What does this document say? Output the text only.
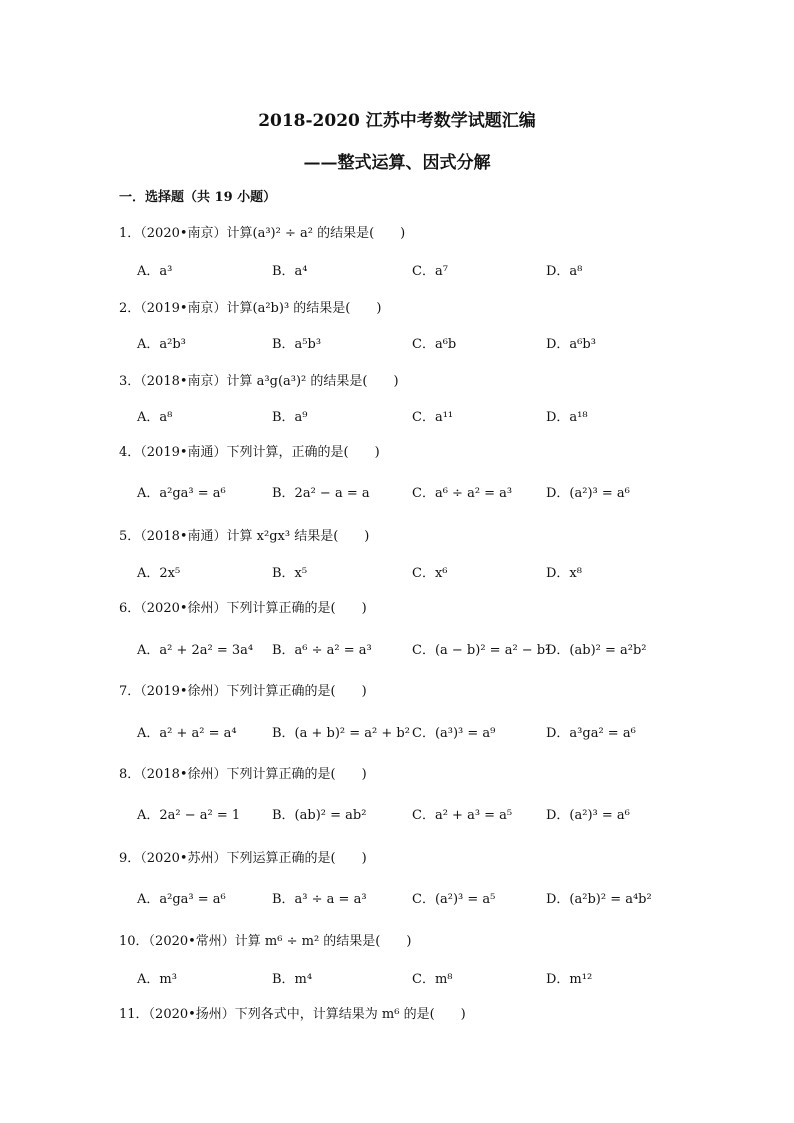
2018-2020 江苏中考数学试题汇编
——整式运算、因式分解
一．选择题（共 19 小题）
1．（2020•南京）计算(a³)² ÷ a² 的结果是(　　)
A．a³	B．a⁴	C．a⁷	D．a⁸
2．（2019•南京）计算(a²b)³ 的结果是(　　)
A．a²b³	B．a⁵b³	C．a⁶b	D．a⁶b³
3．（2018•南京）计算 a³g(a³)² 的结果是(　　)
A．a⁸	B．a⁹	C．a¹¹	D．a¹⁸
4．（2019•南通）下列计算，正确的是(　　)
A．a²ga³ = a⁶	B．2a² − a = a	C．a⁶ ÷ a² = a³	D．(a²)³ = a⁶
5．（2018•南通）计算 x²gx³ 结果是(　　)
A．2x⁵	B．x⁵	C．x⁶	D．x⁸
6．（2020•徐州）下列计算正确的是(　　)
A．a² + 2a² = 3a⁴ B．a⁶ ÷ a² = a³	C．(a − b)² = a² − b²
D．(ab)² = a²b²
7．（2019•徐州）下列计算正确的是(　　)
A．a² + a² = a⁴	B．(a + b)² = a² + b² C．(a³)³ = a⁹	D．a³ga² = a⁶
8．（2018•徐州）下列计算正确的是(　　)
A．2a² − a² = 1 B．(ab)² = ab²	C．a² + a³ = a⁵	D．(a²)³ = a⁶
9．（2020•苏州）下列运算正确的是(　　)
A．a²ga³ = a⁶	B．a³ ÷ a = a³	C．(a²)³ = a⁵	D．(a²b)² = a⁴b²
10．（2020•常州）计算 m⁶ ÷ m² 的结果是(　　)
A．m³	B．m⁴	C．m⁸	D．m¹²
11．（2020•扬州）下列各式中，计算结果为 m⁶ 的是(　　)
